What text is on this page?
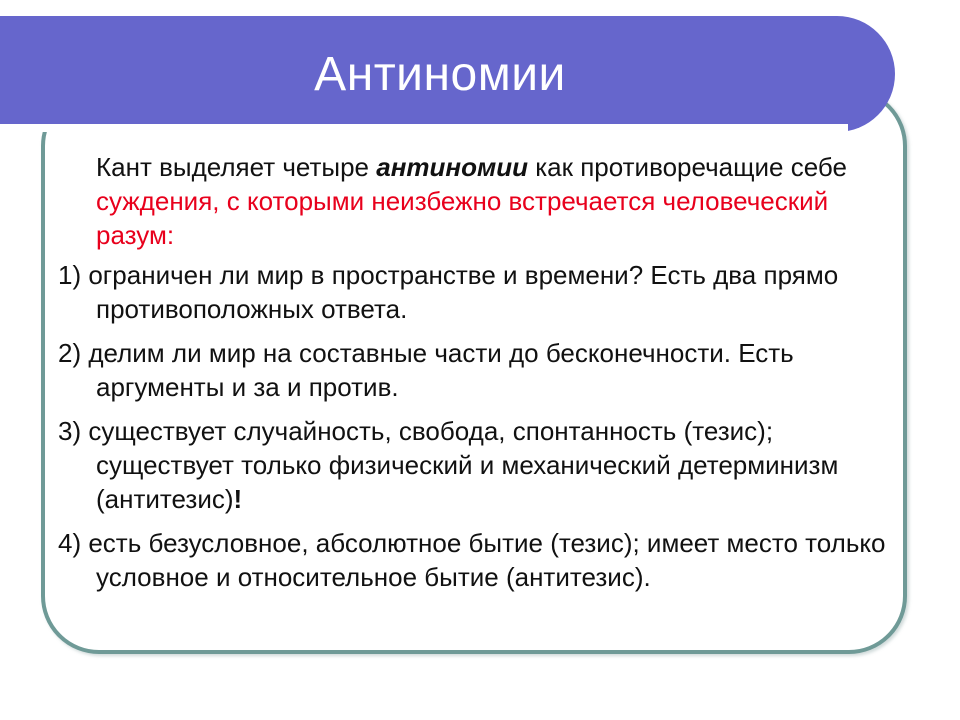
Антиномии
Кант выделяет четыре антиномии как противоречащие себе суждения, с которыми неизбежно встречается человеческий разум:
1) ограничен ли мир в пространстве и времени? Есть два прямо противоположных ответа.
2) делим ли мир на составные части до бесконечности. Есть аргументы и за и против.
3) существует случайность, свобода, спонтанность (тезис); существует только физический и механический детерминизм (антитезис)!
4) есть безусловное, абсолютное бытие (тезис); имеет место только условное и относительное бытие (антитезис).
